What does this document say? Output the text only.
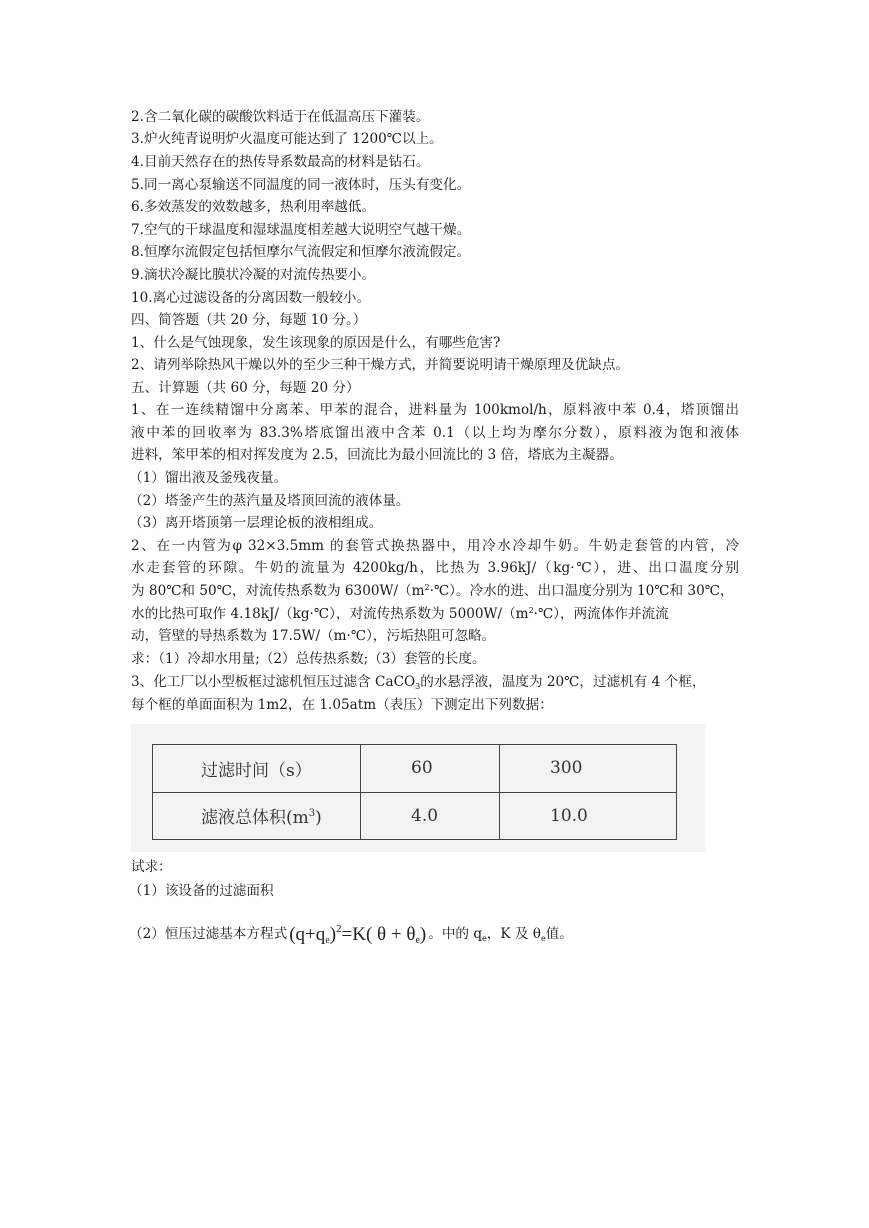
2.含二氧化碳的碳酸饮料适于在低温高压下灌装。

3.炉火纯青说明炉火温度可能达到了 1200℃以上。

4.目前天然存在的热传导系数最高的材料是钻石。

5.同一离心泵输送不同温度的同一液体时，压头有变化。

6.多效蒸发的效数越多，热利用率越低。

7.空气的干球温度和湿球温度相差越大说明空气越干燥。

8.恒摩尔流假定包括恒摩尔气流假定和恒摩尔液流假定。

9.滴状冷凝比膜状冷凝的对流传热要小。

10.离心过滤设备的分离因数一般较小。

四、简答题（共 20 分，每题 10 分。）

1、什么是气蚀现象，发生该现象的原因是什么，有哪些危害?

2、请列举除热风干燥以外的至少三种干燥方式，并简要说明请干燥原理及优缺点。

五、计算题（共 60 分，每题 20 分）

1、在一连续精馏中分离苯、甲苯的混合，进料量为 100kmol/h，原料液中苯 0.4，塔顶馏出

液中苯的回收率为 83.3%塔底馏出液中含苯 0.1（以上均为摩尔分数），原料液为饱和液体

进料，笨甲苯的相对挥发度为 2.5，回流比为最小回流比的 3 倍，塔底为主凝器。

（1）馏出液及釜残夜量。

（2）塔釜产生的蒸汽量及塔顶回流的液体量。

（3）离开塔顶第一层理论板的液相组成。

2、在一内管为φ 32×3.5mm 的套管式换热器中，用冷水冷却牛奶。牛奶走套管的内管，冷

水走套管的环隙。牛奶的流量为 4200kg/h，比热为 3.96kJ/（kg·℃），进、出口温度分别

为 80℃和 50℃，对流传热系数为 $6300W/(m^2\cdot℃)$。冷水的进、出口温度分别为 10℃和 30℃，

水的比热可取作 4.18kJ/（kg·℃），对流传热系数为 $5000W/(m^2\cdot℃)$，两流体作并流流

动，管壁的导热系数为 17.5W/（m·℃），污垢热阻可忽略。

求：（1）冷却水用量;（2）总传热系数;（3）套管的长度。

3、化工厂以小型板框过滤机恒压过滤含 CaCO$_3$的水悬浮液，温度为 20℃，过滤机有 4 个框，

每个框的单面面积为 1m2，在 1.05atm（表压）下测定出下列数据：

过滤时间（s）	60	300
滤液总体积$(m^3)$	4.0	10.0

试求：

（1）该设备的过滤面积

（2）恒压过滤基本方程式 $(q+qe)^2=K$( θ + θe) 。中的 $q_e$，K 及 $\theta_e$值。
